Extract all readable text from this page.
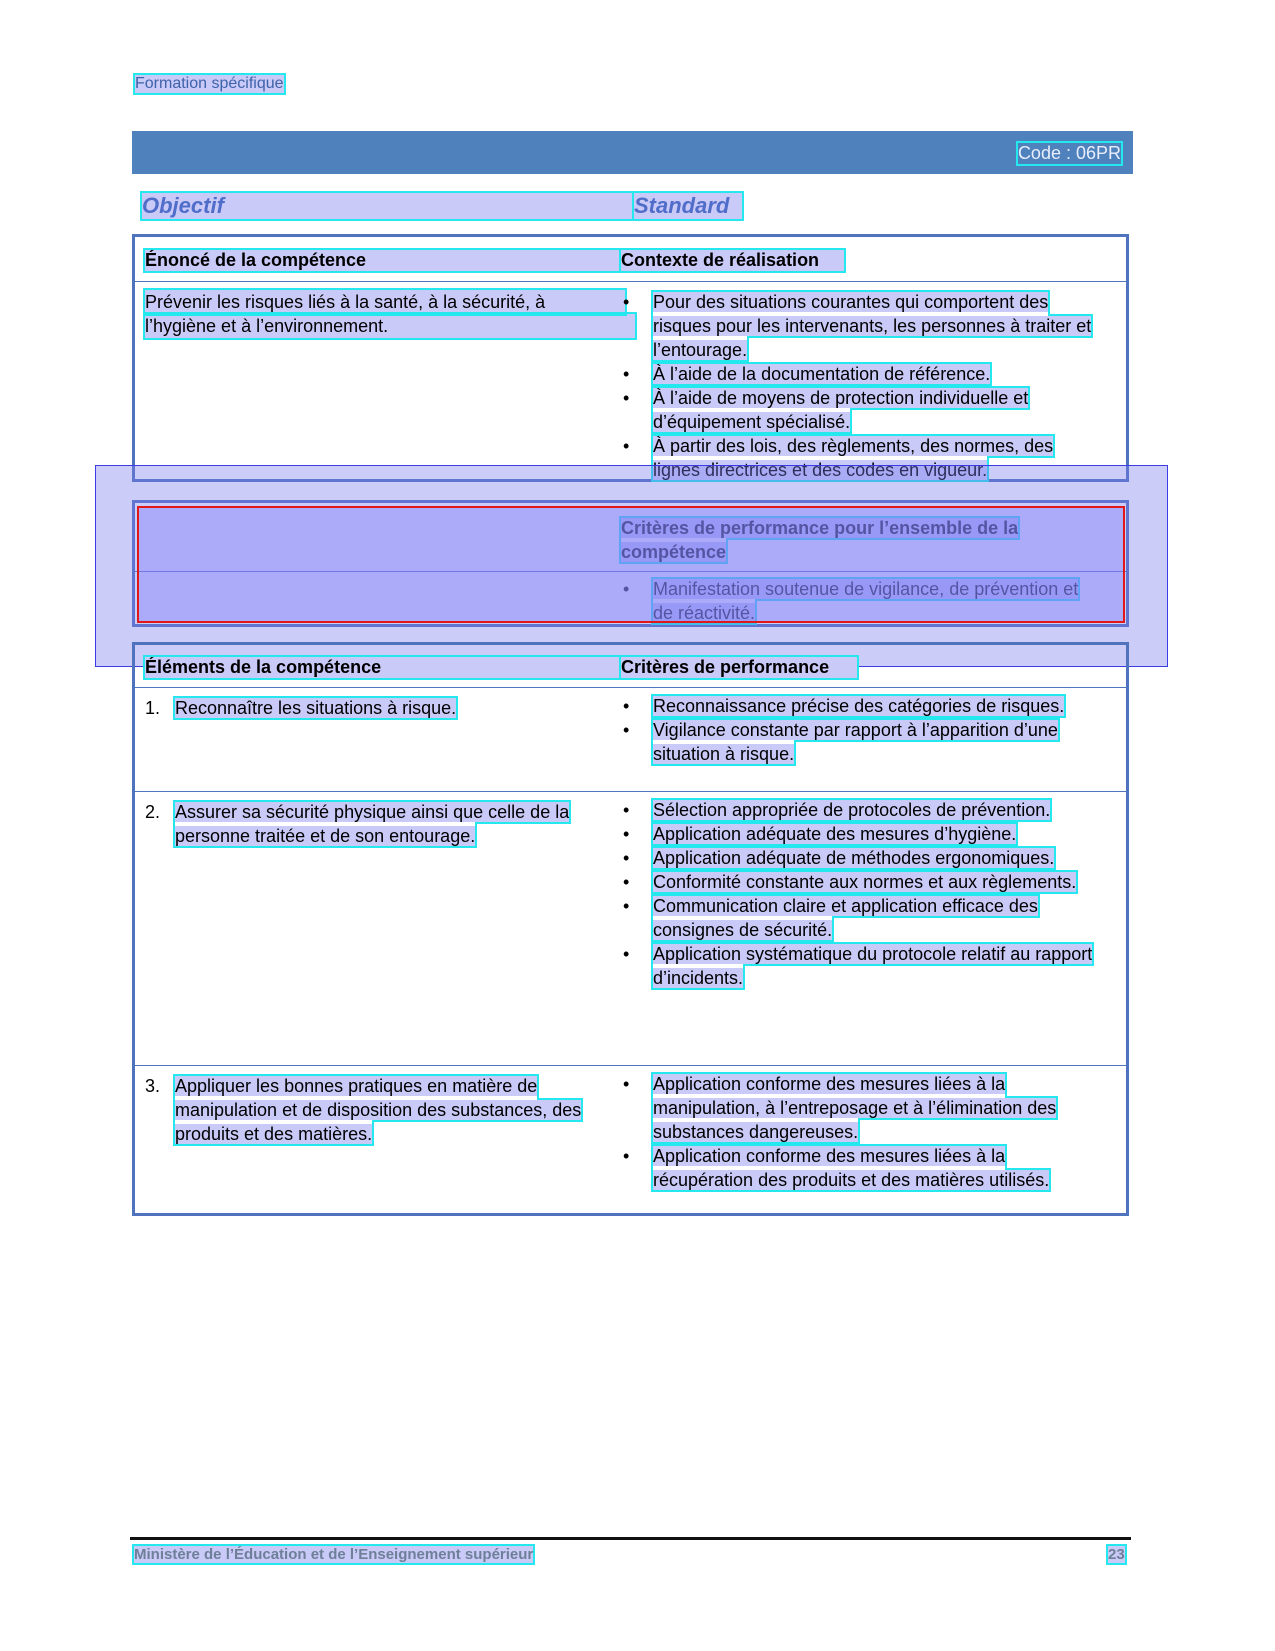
Formation spécifique
Code : 06PR
Objectif	Standard
Énoncé de la compétence	Contexte de réalisation
Prévenir les risques liés à la santé, à la sécurité, à
l’hygiène et à l’environnement.
• Pour des situations courantes qui comportent des risques pour les intervenants, les personnes à traiter et l’entourage.
• À l’aide de la documentation de référence.
• À l’aide de moyens de protection individuelle et d’équipement spécialisé.
• À partir des lois, des règlements, des normes, des lignes directrices et des codes en vigueur.
Critères de performance pour l’ensemble de la compétence
• Manifestation soutenue de vigilance, de prévention et de réactivité.
Éléments de la compétence	Critères de performance
1. Reconnaître les situations à risque.
•	Reconnaissance précise des catégories de risques.
• Vigilance constante par rapport à l’apparition d’une situation à risque.
2. Assurer sa sécurité physique ainsi que celle de la personne traitée et de son entourage.
• Sélection appropriée de protocoles de prévention.
• Application adéquate des mesures d’hygiène.
• Application adéquate de méthodes ergonomiques.
• Conformité constante aux normes et aux règlements.
• Communication claire et application efficace des consignes de sécurité.
• Application systématique du protocole relatif au rapport d’incidents.
3. Appliquer les bonnes pratiques en matière de manipulation et de disposition des substances, des produits et des matières.
• Application conforme des mesures liées à la manipulation, à l’entreposage et à l’élimination des substances dangereuses.
• Application conforme des mesures liées à la récupération des produits et des matières utilisés.
Ministère de l’Éducation et de l’Enseignement supérieur	23
